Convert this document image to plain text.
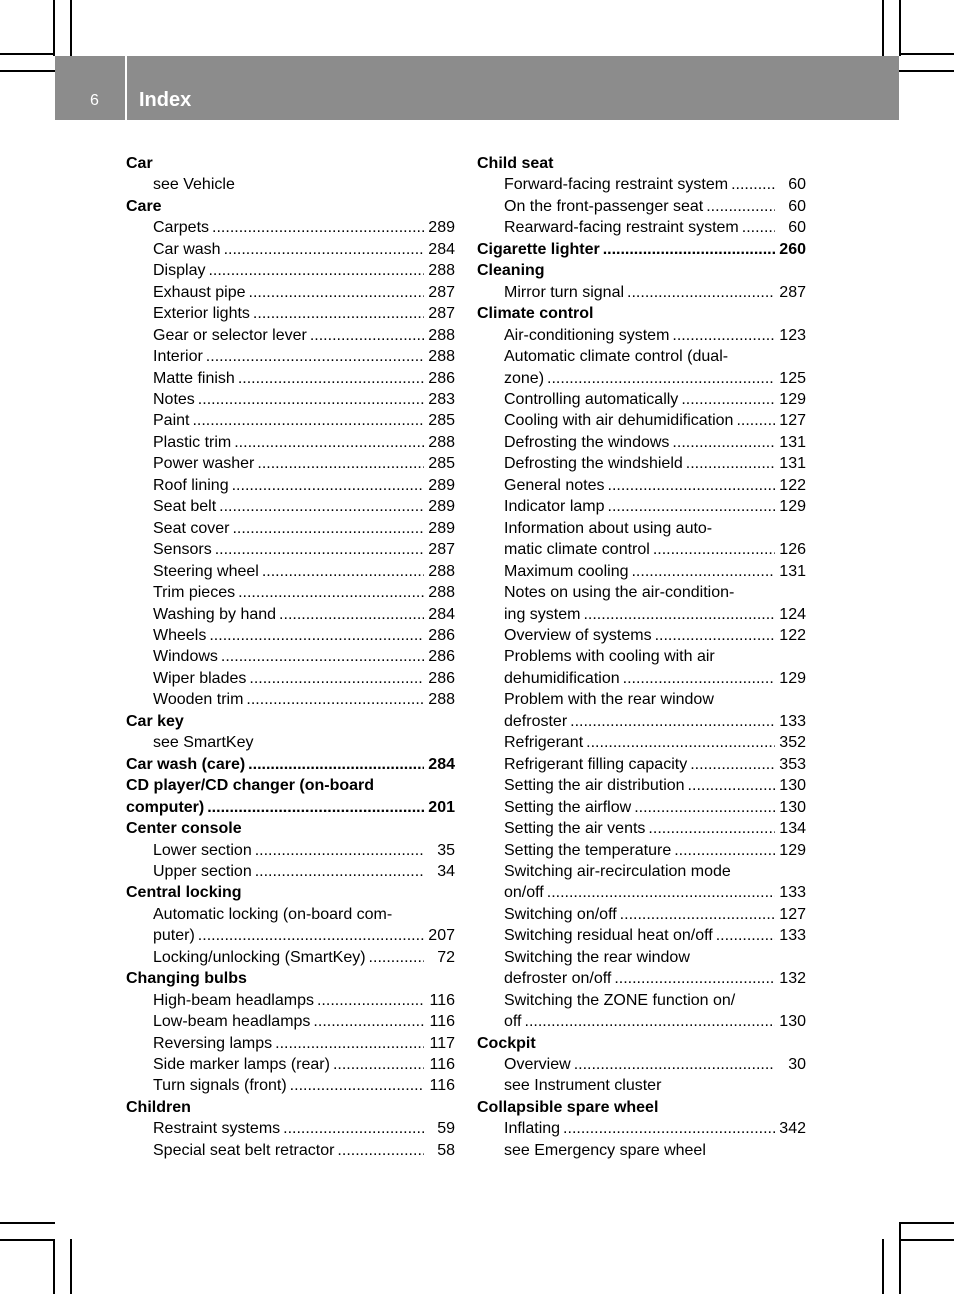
6 Index
Car
see Vehicle
Care
Carpets .....	289
Car wash .....	284
Display .....	288
Exhaust pipe .....	287
Exterior lights .....	287
Gear or selector lever .....	288
Interior .....	288
Matte finish .....	286
Notes .....	283
Paint .....	285
Plastic trim .....	288
Power washer .....	285
Roof lining .....	289
Seat belt .....	289
Seat cover .....	289
Sensors .....	287
Steering wheel .....	288
Trim pieces .....	288
Washing by hand .....	284
Wheels .....	286
Windows .....	286
Wiper blades .....	286
Wooden trim .....	288
Car key
see SmartKey
Car wash (care) .....	284
CD player/CD changer (on-board
computer) .....	201
Center console
Lower section .....	35
Upper section .....	34
Central locking
Automatic locking (on-board com-
puter) .....	207
Locking/unlocking (SmartKey) .....	72
Changing bulbs
High-beam headlamps .....	116
Low-beam headlamps .....	116
Reversing lamps .....	117
Side marker lamps (rear) .....	116
Turn signals (front) .....	116
Children
Restraint systems .....	59
Special seat belt retractor .....	58
Child seat
Forward-facing restraint system .....	60
On the front-passenger seat .....	60
Rearward-facing restraint system .....	60
Cigarette lighter .....	260
Cleaning
Mirror turn signal .....	287
Climate control
Air-conditioning system .....	123
Automatic climate control (dual-
zone) .....	125
Controlling automatically .....	129
Cooling with air dehumidification .....	127
Defrosting the windows .....	131
Defrosting the windshield .....	131
General notes .....	122
Indicator lamp .....	129
Information about using auto-
matic climate control .....	126
Maximum cooling .....	131
Notes on using the air-condition-
ing system .....	124
Overview of systems .....	122
Problems with cooling with air
dehumidification .....	129
Problem with the rear window
defroster .....	133
Refrigerant .....	352
Refrigerant filling capacity .....	353
Setting the air distribution .....	130
Setting the airflow .....	130
Setting the air vents .....	134
Setting the temperature .....	129
Switching air-recirculation mode
on/off .....	133
Switching on/off .....	127
Switching residual heat on/off .....	133
Switching the rear window
defroster on/off .....	132
Switching the ZONE function on/
off .....	130
Cockpit
Overview .....	30
see Instrument cluster
Collapsible spare wheel
Inflating .....	342
see Emergency spare wheel
